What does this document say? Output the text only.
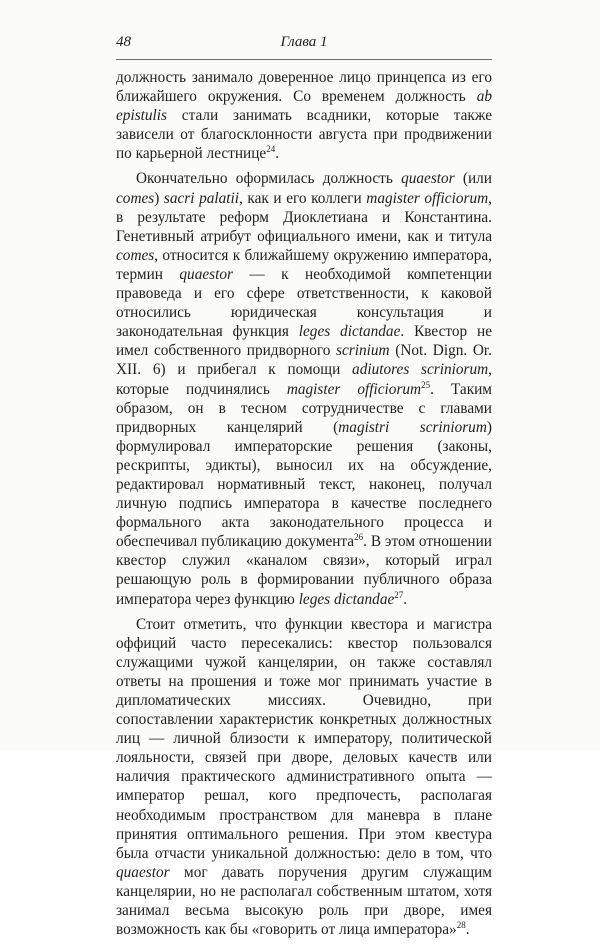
48	Глава 1

должность занимало доверенное лицо принцепса из его ближайшего окружения. Со временем должность ab epistulis стали занимать всадники, которые также зависели от благосклонности августа при продвижении по карьерной лестнице$^{24}$.

Окончательно оформилась должность quaestor (или comes) sacri palatii, как и его коллеги magister officiorum, в результате реформ Диоклетиана и Константина. Генетивный атрибут официального имени, как и титула comes, относится к ближайшему окружению императора, термин quaestor — к необходимой компетенции правоведа и его сфере ответственности, к каковой относились юридическая консультация и законодательная функция leges dictandae. Квестор не имел собственного придворного scrinium (Not. Dign. Or. XII. 6) и прибегал к помощи adiutores scriniorum, которые подчинялись magister officiorum$^{25}$. Таким образом, он в тесном сотрудничестве с главами придворных канцелярий (magistri scriniorum) формулировал императорские решения (законы, рескрипты, эдикты), выносил их на обсуждение, редактировал нормативный текст, наконец, получал личную подпись императора в качестве последнего формального акта законодательного процесса и обеспечивал публикацию документа$^{26}$. В этом отношении квестор служил «каналом связи», который играл решающую роль в формировании публичного образа императора через функцию leges dictandae$^{27}$.

Стоит отметить, что функции квестора и магистра оффиций часто пересекались: квестор пользовался служащими чужой канцелярии, он также составлял ответы на прошения и тоже мог принимать участие в дипломатических миссиях. Очевидно, при сопоставлении характеристик конкретных должностных лиц — личной близости к императору, политической лояльности, связей при дворе, деловых качеств или наличия практического административного опыта — император решал, кого предпочесть, располагая необходимым пространством для маневра в плане принятия оптимального решения. При этом квестура была отчасти уникальной должностью: дело в том, что quaestor мог давать поручения другим служащим канцелярии, но не располагал собственным штатом, хотя занимал весьма высокую роль при дворе, имея возможность как бы «говорить от лица императора»$^{28}$.
